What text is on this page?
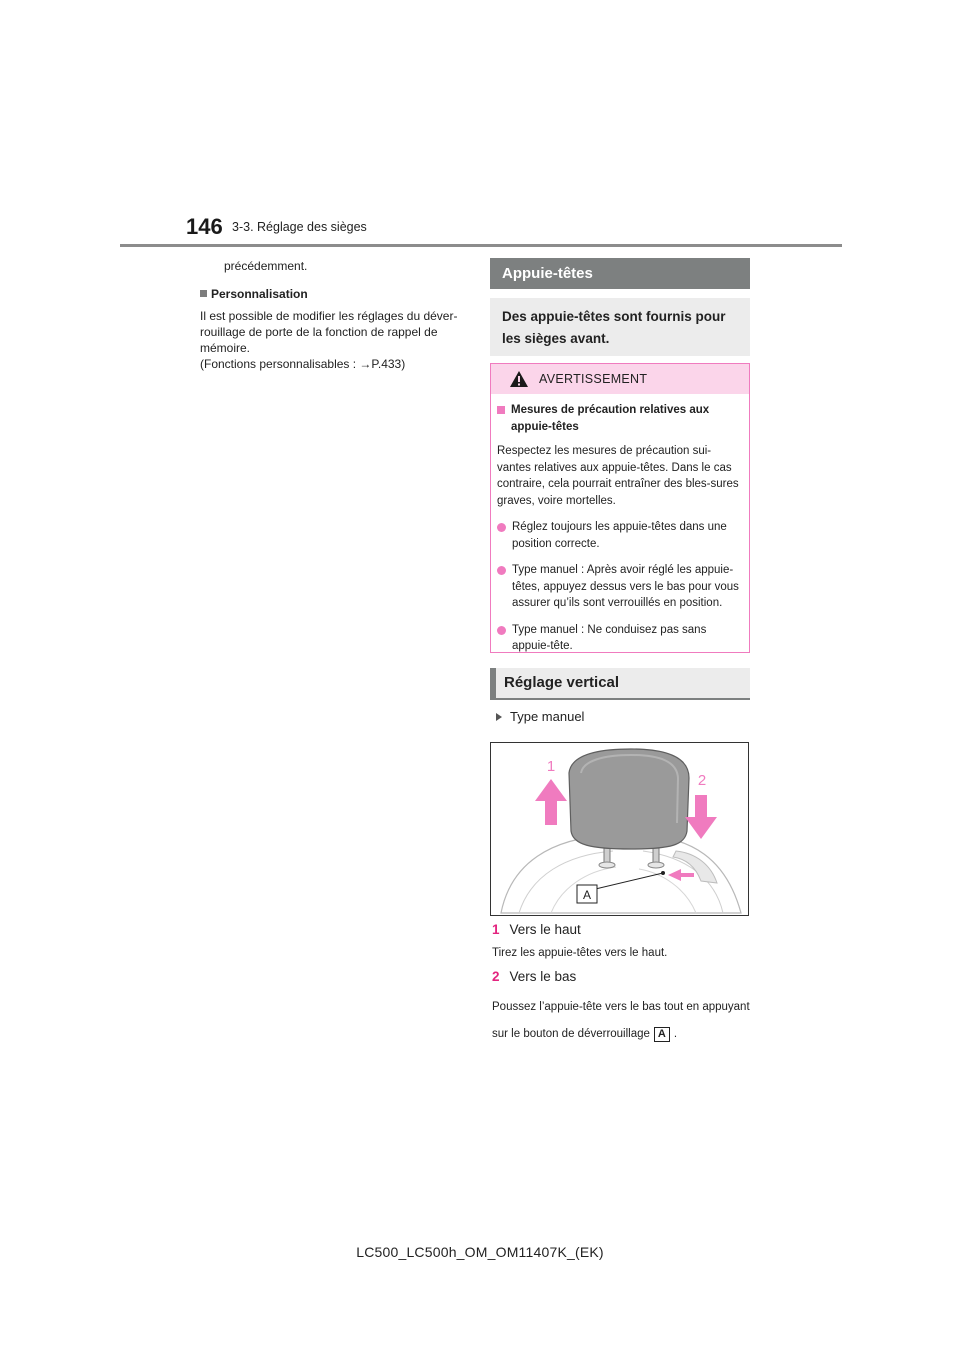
146 3-3. Réglage des sièges
précédemment.
Personnalisation
Il est possible de modifier les réglages du déver-rouillage de porte de la fonction de rappel de mémoire.
(Fonctions personnalisables : →P.433)
Appuie-têtes
Des appuie-têtes sont fournis pour les sièges avant.
AVERTISSEMENT
Mesures de précaution relatives aux appuie-têtes
Respectez les mesures de précaution sui-vantes relatives aux appuie-têtes. Dans le cas contraire, cela pourrait entraîner des bles-sures graves, voire mortelles.
Réglez toujours les appuie-têtes dans une position correcte.
Type manuel : Après avoir réglé les appuie-têtes, appuyez dessus vers le bas pour vous assurer qu’ils sont verrouillés en position.
Type manuel : Ne conduisez pas sans appuie-tête.
Réglage vertical
Type manuel
A
1
2
1 Vers le haut
Tirez les appuie-têtes vers le haut.
2 Vers le bas
Poussez l’appuie-tête vers le bas tout en appuyant sur le bouton de déverrouillage A .
LC500_LC500h_OM_OM11407K_(EK)
